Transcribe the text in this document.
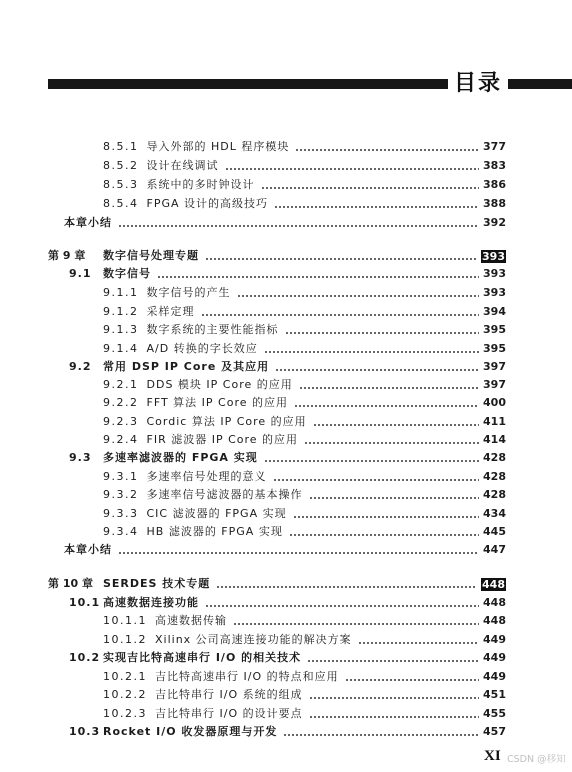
目录
8.5.1 导入外部的 HDL 程序模块	377
8.5.2 设计在线调试	383
8.5.3 系统中的多时钟设计	386
8.5.4 FPGA 设计的高级技巧	388
本章小结	392
第 9 章	数字信号处理专题	393
9.1	数字信号	393
9.1.1 数字信号的产生	393
9.1.2 采样定理	394
9.1.3 数字系统的主要性能指标	395
9.1.4 A/D 转换的字长效应	395
9.2	常用 DSP IP Core 及其应用	397
9.2.1 DDS 模块 IP Core 的应用	397
9.2.2 FFT 算法 IP Core 的应用	400
9.2.3 Cordic 算法 IP Core 的应用	411
9.2.4 FIR 滤波器 IP Core 的应用	414
9.3	多速率滤波器的 FPGA 实现	428
9.3.1 多速率信号处理的意义	428
9.3.2 多速率信号滤波器的基本操作	428
9.3.3 CIC 滤波器的 FPGA 实现	434
9.3.4 HB 滤波器的 FPGA 实现	445
本章小结	447
第 10 章 SERDES 技术专题	448
10.1 高速数据连接功能	448
10.1.1 高速数据传输	448
10.1.2 Xilinx 公司高速连接功能的解决方案	449
10.2 实现吉比特高速串行 I/O 的相关技术	449
10.2.1 吉比特高速串行 I/O 的特点和应用	449
10.2.2 吉比特串行 I/O 系统的组成	451
10.2.3 吉比特串行 I/O 的设计要点	455
10.3 Rocket I/O 收发器原理与开发	457
XI CSDN @移知
